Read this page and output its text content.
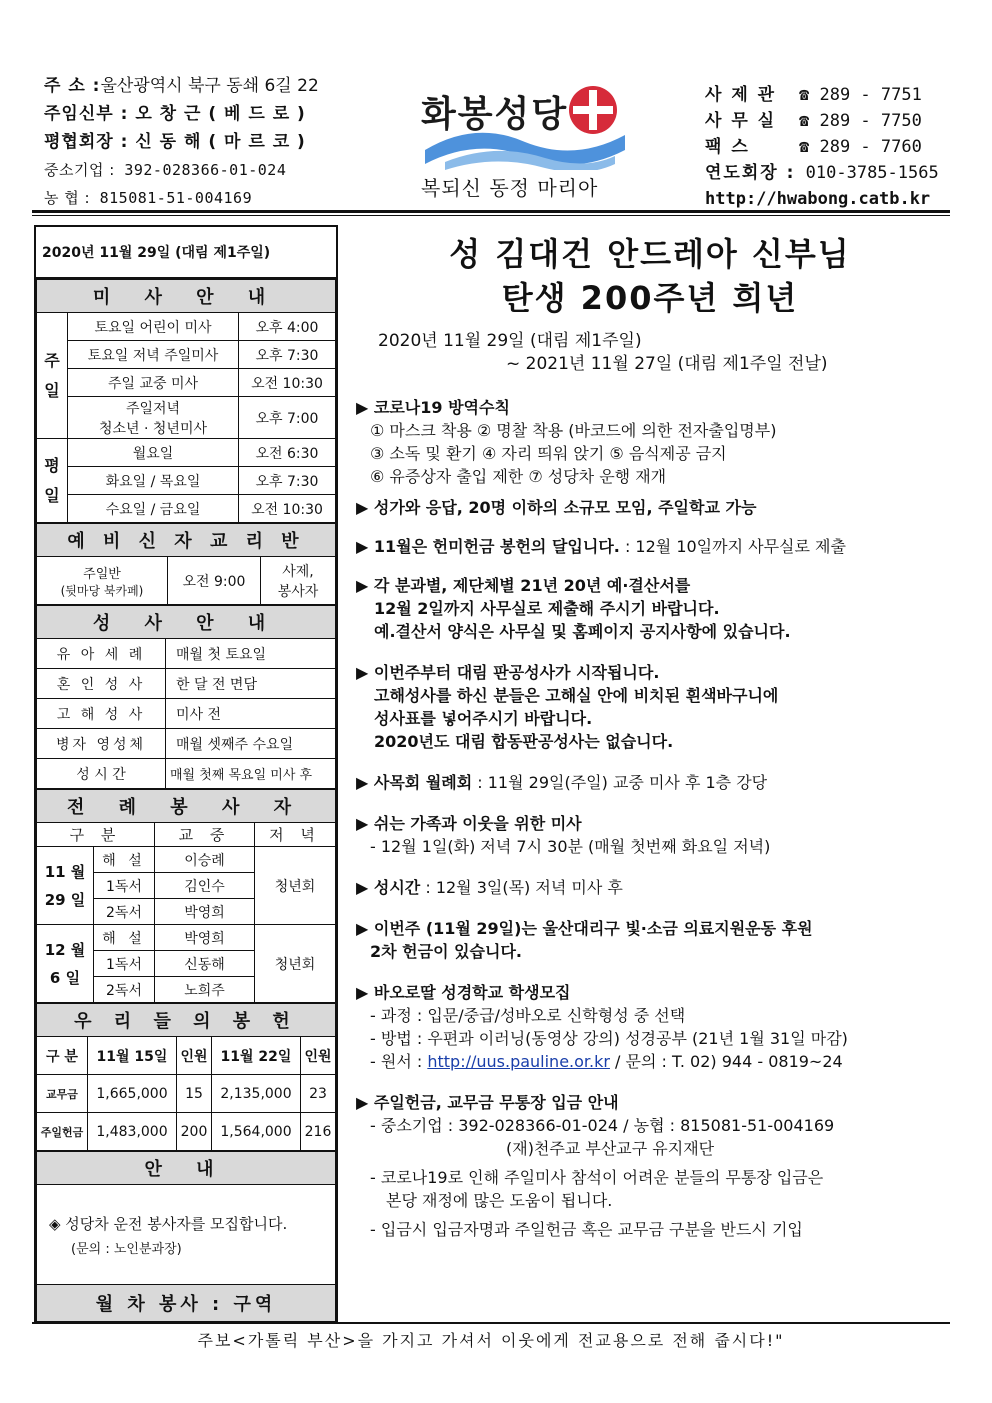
주 소 :울산광역시 북구 동쇄 6길 22
주임신부 : 오 창 근 ( 베 드 로 )
평협회장 : 신 동 해 ( 마 르 코 )
중소기업 : 392-028366-01-024
농 협 : 815081-51-004169
화봉성당
복되신 동정 마리아
사 제 관 ☎ 289 - 7751
사 무 실 ☎ 289 - 7750
팩 스	☎ 289 - 7760
연도회장 : 010-3785-1565
http://hwabong.catb.kr
2020년 11월 29일 (대림 제1주일)
미 사 안 내		
주
일	토요일 어린이 미사	오후 4:00
	토요일 저녁 주일미사	오후 7:30
	주일 교중 미사	오전 10:30

	주일저녁
청소년 · 청년미사	오후 7:00
평
일	월요일	오전 6:30
	화요일 / 목요일	오후 7:30
	수요일 / 금요일	오전 10:30
예 비 신 자 교 리 반

주일반
(뒷마당 북카페)
	오전 9:00	
사제,
봉사자
성 사 안 내	
유 아 세 례	매월 첫 토요일
혼 인 성 사	한 달 전 면담
고 해 성 사	미사 전
병자 영성체	매월 셋째주 수요일
성 시 간	매월 첫째 목요일 미사 후
전 례 봉 사 자			
구 분		교 중	저 녁

11 월
29 일	해 설	이승례	청년회
	1독서	김인수	
	2독서	박영희	

12 월
6 일	해 설	박영희	청년회
	1독서	신동해	
	2독서	노희주	
우 리 들 의 봉 헌				
구 분	11월 15일	인원	11월 22일	인원
교무금	1,665,000	15	2,135,000	23
주일헌금	1,483,000	200	1,564,000	216
안 내

◈ 성당차 운전 봉사자를 모집합니다.
(문의 : 노인분과장)

월 차 봉사 : 구역
성 김대건 안드레아 신부님
탄생 200주년 희년
2020년 11월 29일 (대림 제1주일)
~ 2021년 11월 27일 (대림 제1주일 전날)
▶ 코로나19 방역수칙
① 마스크 착용 ② 명찰 착용 (바코드에 의한 전자출입명부)
③ 소독 및 환기 ④ 자리 띄워 앉기 ⑤ 음식제공 금지
⑥ 유증상자 출입 제한 ⑦ 성당차 운행 재개
▶ 성가와 응답, 20명 이하의 소규모 모임, 주일학교 가능
▶ 11월은 헌미헌금 봉헌의 달입니다. : 12월 10일까지 사무실로 제출
▶ 각 분과별, 제단체별 21년 20년 예·결산서를
12월 2일까지 사무실로 제출해 주시기 바랍니다.
예.결산서 양식은 사무실 및 홈페이지 공지사항에 있습니다.
▶ 이번주부터 대림 판공성사가 시작됩니다.
고해성사를 하신 분들은 고해실 안에 비치된 흰색바구니에
성사표를 넣어주시기 바랍니다.
2020년도 대림 합동판공성사는 없습니다.
▶ 사목회 월례회 : 11월 29일(주일) 교중 미사 후 1층 강당
▶ 쉬는 가족과 이웃을 위한 미사
- 12월 1일(화) 저녁 7시 30분 (매월 첫번째 화요일 저녁)
▶ 성시간 : 12월 3일(목) 저녁 미사 후
▶ 이번주 (11월 29일)는 울산대리구 빛·소금 의료지원운동 후원
2차 헌금이 있습니다.
▶ 바오로딸 성경학교 학생모집
- 과정 : 입문/중급/성바오로 신학형성 중 선택
- 방법 : 우편과 이러닝(동영상 강의) 성경공부 (21년 1월 31일 마감)
- 원서 : http://uus.pauline.or.kr / 문의 : T. 02) 944 - 0819~24
▶ 주일헌금, 교무금 무통장 입금 안내
- 중소기업 : 392-028366-01-024 / 농협 : 815081-51-004169
(재)천주교 부산교구 유지재단
- 코로나19로 인해 주일미사 참석이 어려운 분들의 무통장 입금은
본당 재정에 많은 도움이 됩니다.
- 입금시 입금자명과 주일헌금 혹은 교무금 구분을 반드시 기입
주보<가톨릭 부산>을 가지고 가셔서 이웃에게 전교용으로 전해 줍시다!"
